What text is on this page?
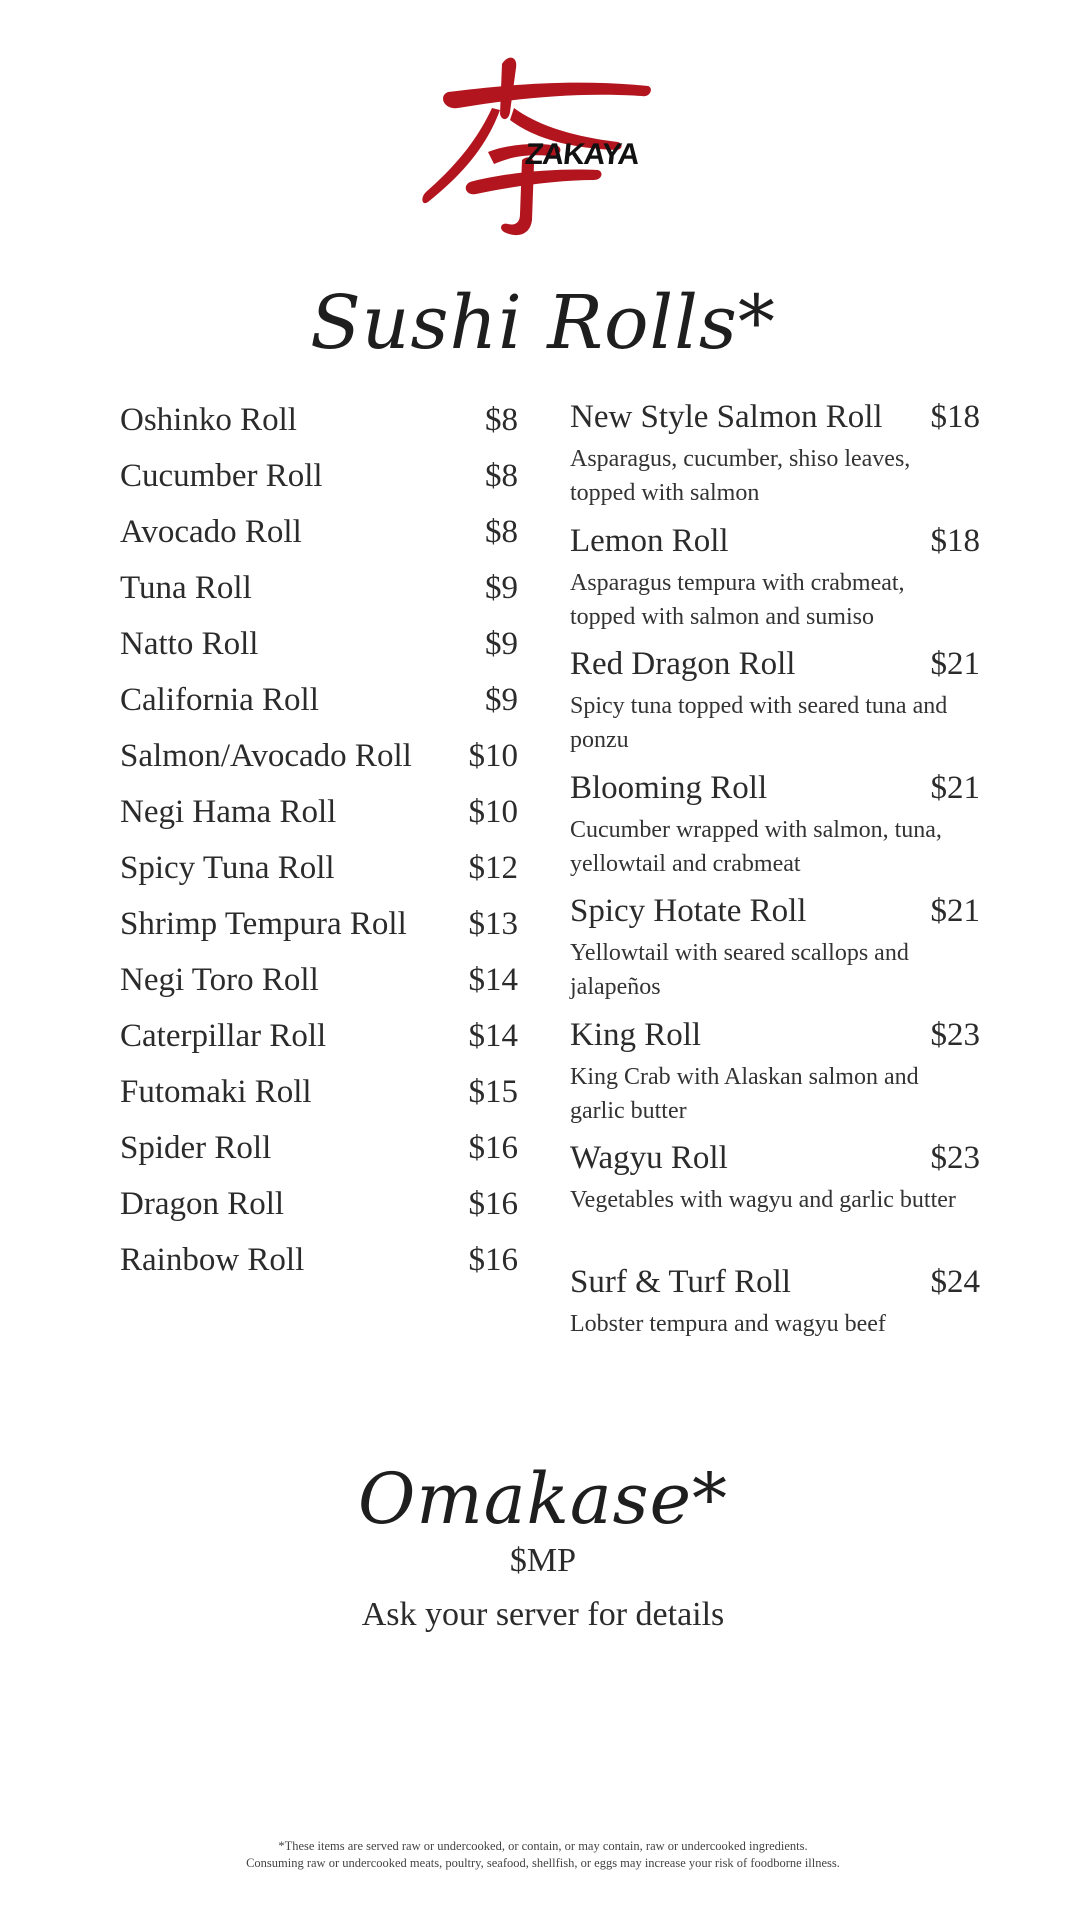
ZAKAYA
Sushi Rolls*
Oshinko Roll	$8
Cucumber Roll	$8
Avocado Roll	$8
Tuna Roll	$9
Natto Roll	$9
California Roll	$9
Salmon/Avocado Roll $10
Negi Hama Roll	$10
Spicy Tuna Roll	$12
Shrimp Tempura Roll $13
Negi Toro Roll	$14
Caterpillar Roll	$14
Futomaki Roll	$15
Spider Roll	$16
Dragon Roll	$16
Rainbow Roll	$16
New Style Salmon Roll $18
Asparagus, cucumber, shiso leaves, topped with salmon
Lemon Roll	$18
Asparagus tempura with crabmeat, topped with salmon and sumiso
Red Dragon Roll	$21
Spicy tuna topped with seared tuna and ponzu
Blooming Roll	$21
Cucumber wrapped with salmon, tuna, yellowtail and crabmeat
Spicy Hotate Roll	$21
Yellowtail with seared scallops and jalapeños
King Roll	$23
King Crab with Alaskan salmon and garlic butter
Wagyu Roll	$23
Vegetables with wagyu and garlic butter
Surf & Turf Roll	$24
Lobster tempura and wagyu beef
Omakase*
$MP
Ask your server for details
*These items are served raw or undercooked, or contain, or may contain, raw or undercooked ingredients.
Consuming raw or undercooked meats, poultry, seafood, shellfish, or eggs may increase your risk of foodborne illness.
